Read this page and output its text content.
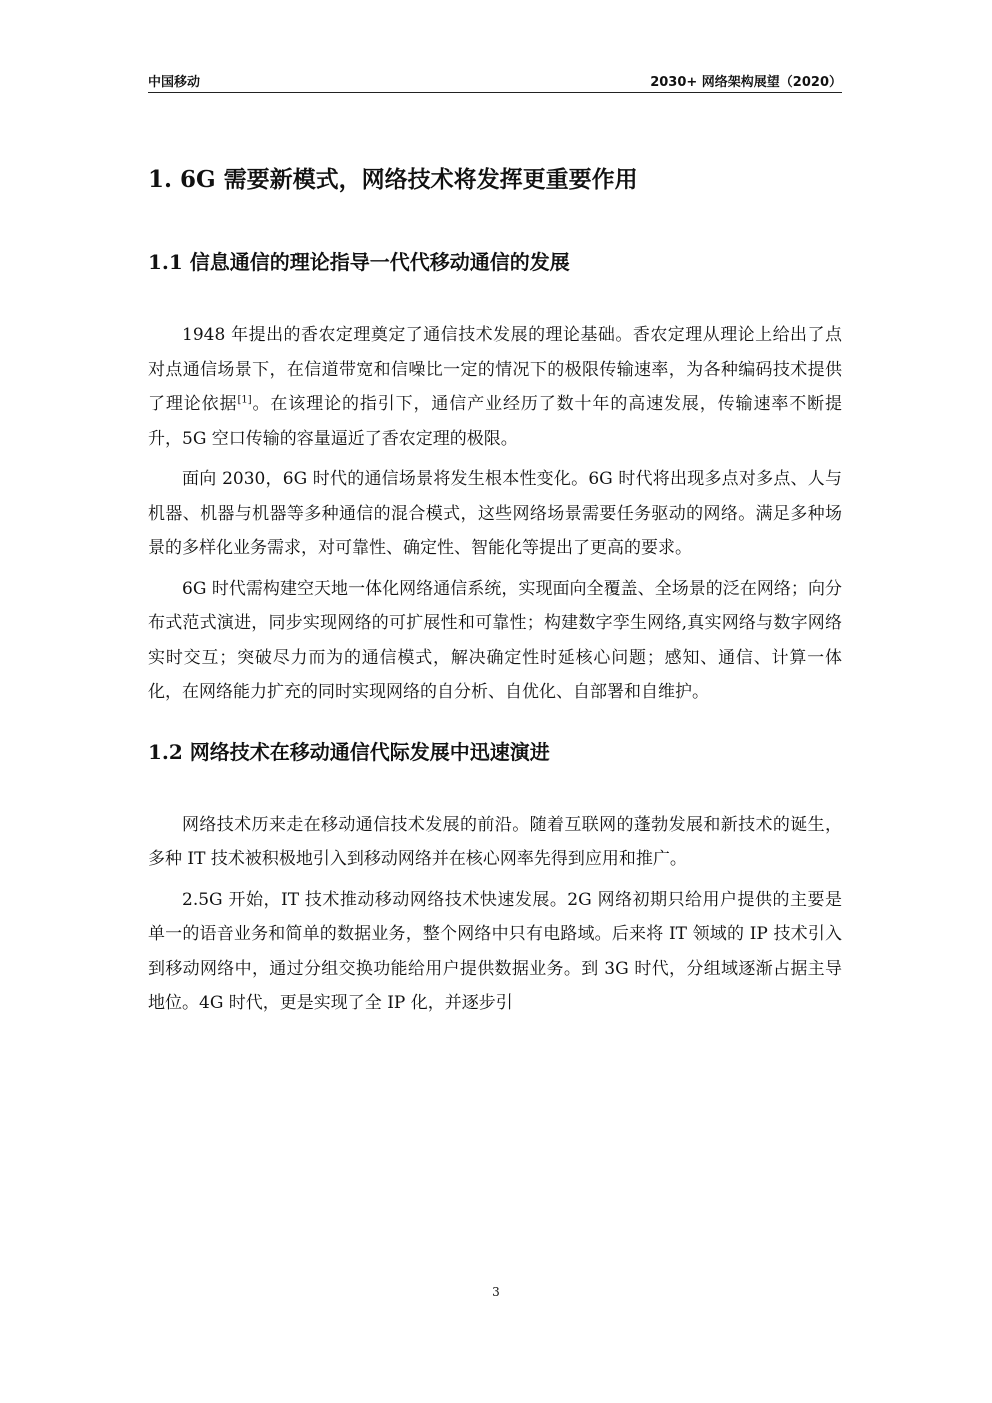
中国移动	2030+ 网络架构展望（2020）
1. 6G 需要新模式，网络技术将发挥更重要作用
1.1 信息通信的理论指导一代代移动通信的发展

1948 年提出的香农定理奠定了通信技术发展的理论基础。香农定理从理论上给出了点对点通信场景下，在信道带宽和信噪比一定的情况下的极限传输速率，为各种编码技术提供了理论依据[1]。在该理论的指引下，通信产业经历了数十年的高速发展，传输速率不断提升，5G 空口传输的容量逼近了香农定理的极限。

面向 2030，6G 时代的通信场景将发生根本性变化。6G 时代将出现多点对多点、人与机器、机器与机器等多种通信的混合模式，这些网络场景需要任务驱动的网络。满足多种场景的多样化业务需求，对可靠性、确定性、智能化等提出了更高的要求。

6G 时代需构建空天地一体化网络通信系统，实现面向全覆盖、全场景的泛在网络；向分布式范式演进，同步实现网络的可扩展性和可靠性；构建数字孪生网络,真实网络与数字网络实时交互；突破尽力而为的通信模式，解决确定性时延核心问题；感知、通信、计算一体化，在网络能力扩充的同时实现网络的自分析、自优化、自部署和自维护。

1.2 网络技术在移动通信代际发展中迅速演进

网络技术历来走在移动通信技术发展的前沿。随着互联网的蓬勃发展和新技术的诞生，多种 IT 技术被积极地引入到移动网络并在核心网率先得到应用和推广。

2.5G 开始，IT 技术推动移动网络技术快速发展。2G 网络初期只给用户提供的主要是单一的语音业务和简单的数据业务，整个网络中只有电路域。后来将 IT 领域的 IP 技术引入到移动网络中，通过分组交换功能给用户提供数据业务。到 3G 时代，分组域逐渐占据主导地位。4G 时代，更是实现了全 IP 化，并逐步引

3
